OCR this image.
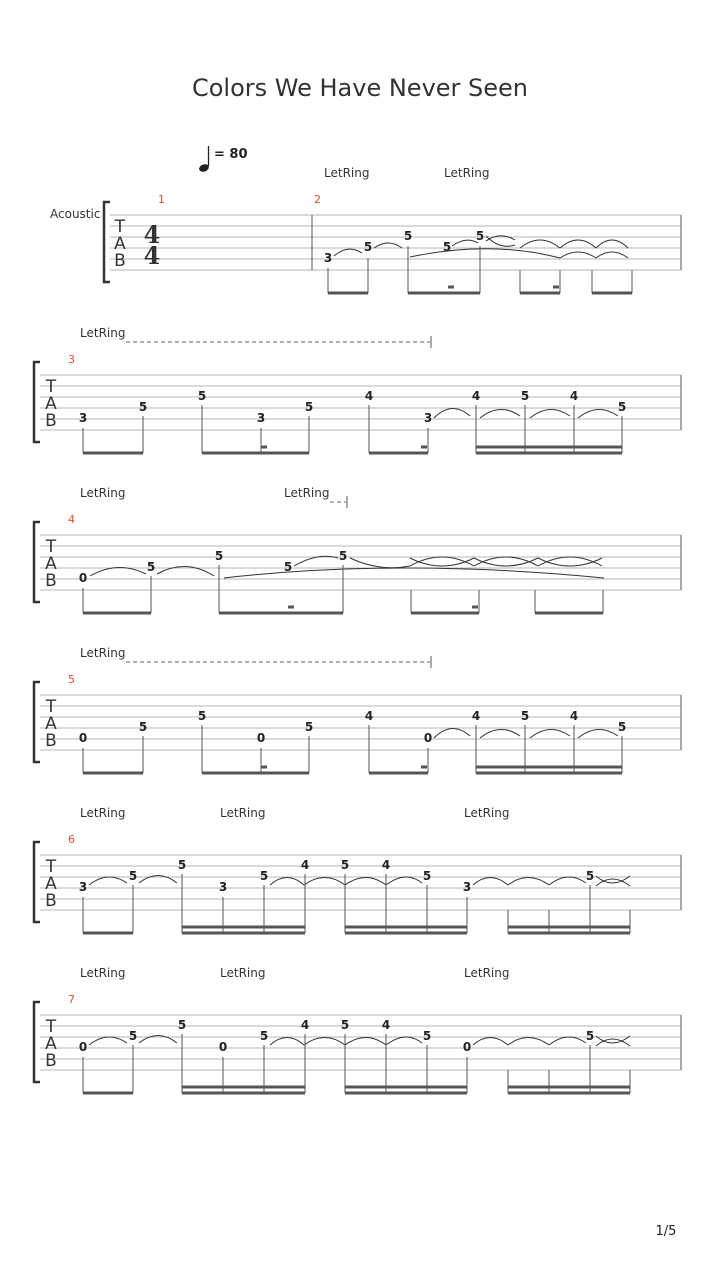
Colors We Have Never Seen
= 80
Acoustic
T
A
B
4
4
1	2
LetRing	LetRing
3
5
5
5
5
T
A
B
3
LetRing
3
5
5
3
5
4
3
4	5	4
5
T
A
B
4
LetRing	LetRing
0
5
5
5
5
T
A
B
5
LetRing
0
5
5
0
5
4
0
4	5	4
5
T
A
B
6
LetRing	LetRing	LetRing
3
5
5
3
5
4	5	4
5
3
5
T
A
B
7
LetRing	LetRing	LetRing
0
5
5
0
5
4	5	4
5
0
5
1/5
